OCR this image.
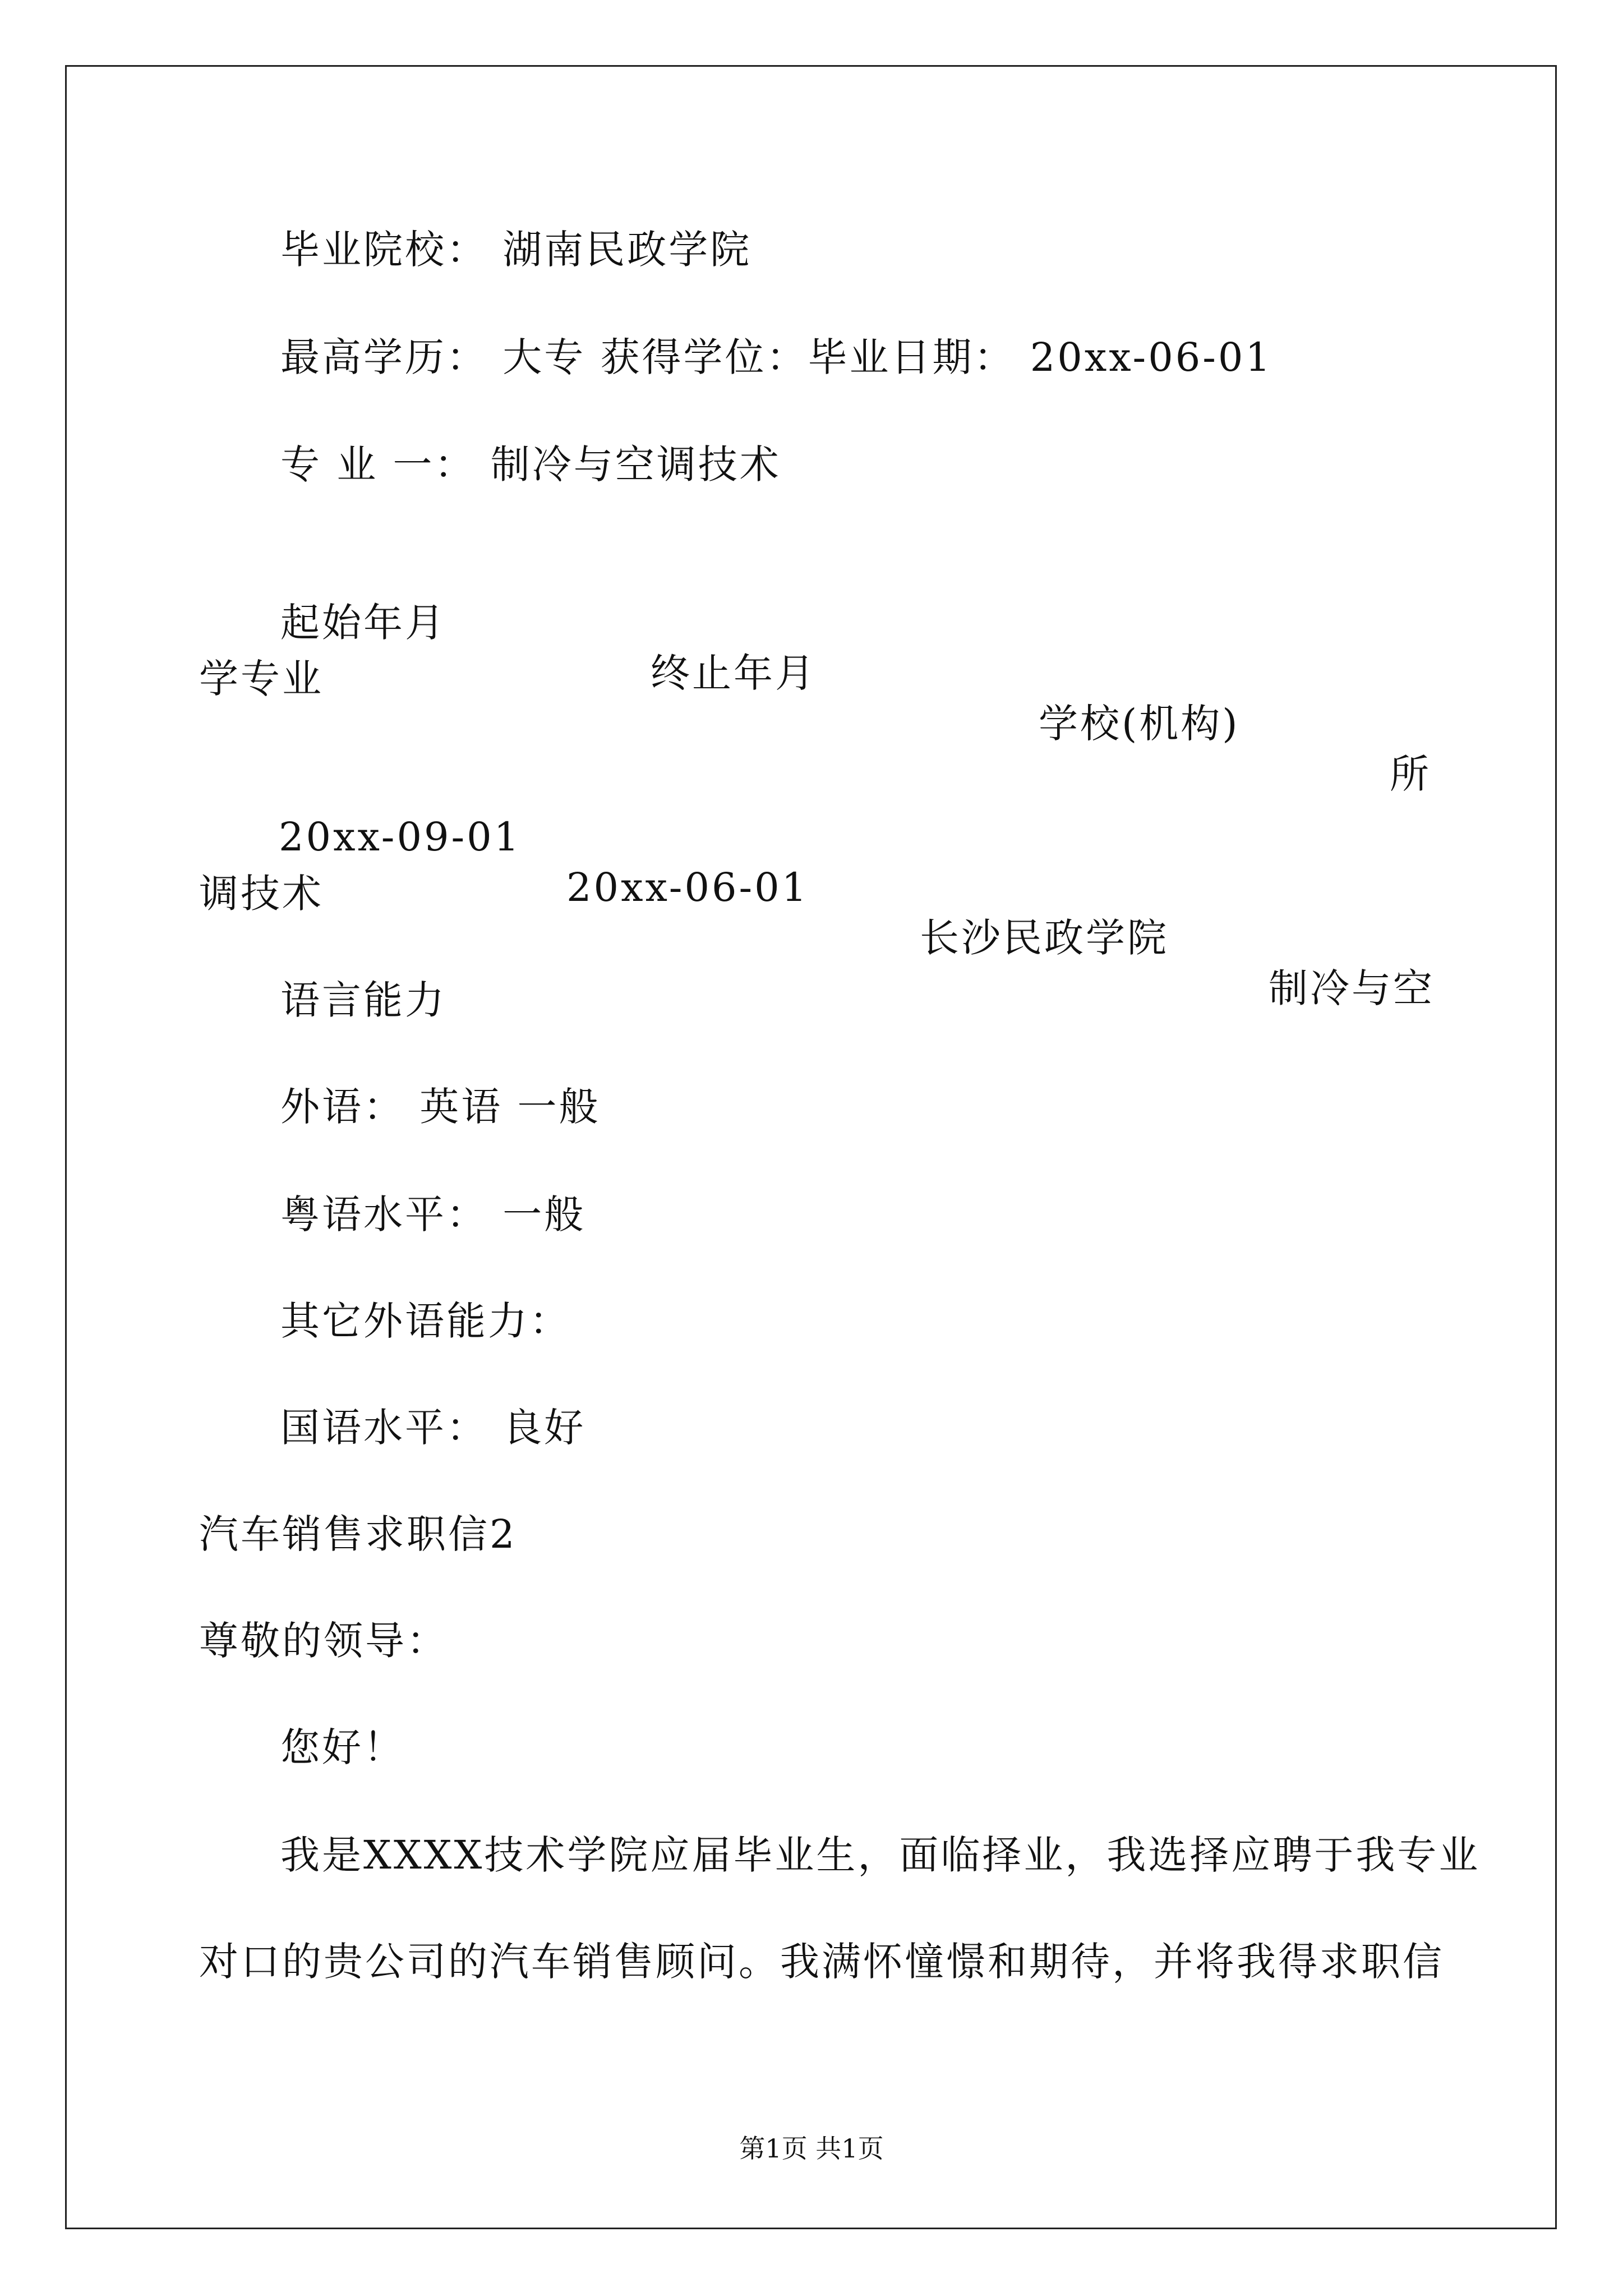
毕业院校： 湖南民政学院
最高学历： 大专 获得学位：毕业日期： 20xx-06-01
专 业 一： 制冷与空调技术

起始年月

终止年月

学校(机构)

所

学专业

20xx-09-01

20xx-06-01

长沙民政学院

制冷与空

调技术
语言能力
外语： 英语 一般
粤语水平： 一般
其它外语能力：
国语水平： 良好
汽车销售求职信2
尊敬的领导：
您好！
我是XXXX技术学院应届毕业生，面临择业，我选择应聘于我专业
对口的贵公司的汽车销售顾问。我满怀憧憬和期待，并将我得求职信
第1页 共1页
